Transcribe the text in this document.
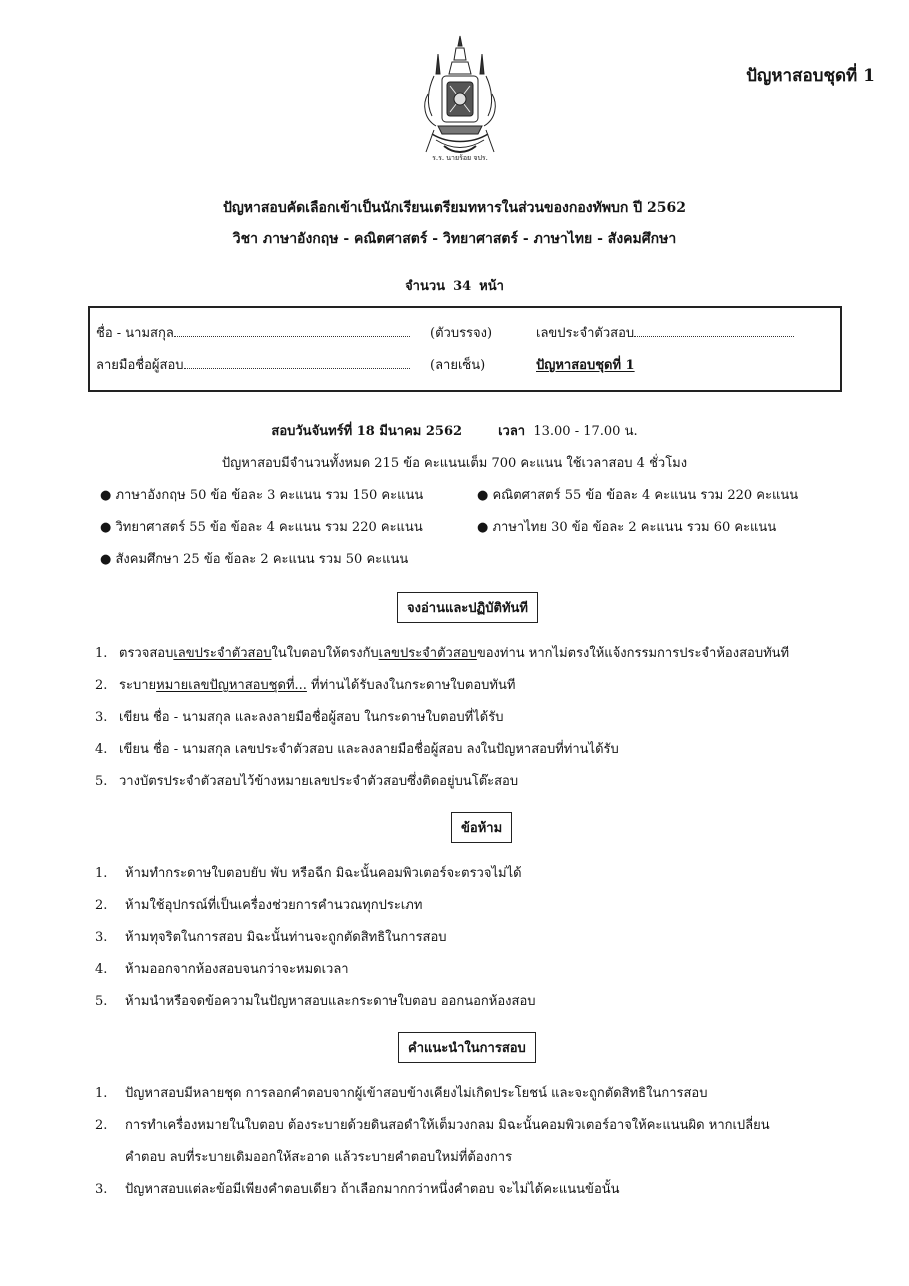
ปัญหาสอบชุดที่ 1
ร.ร. นายร้อย จปร.
ปัญหาสอบคัดเลือกเข้าเป็นนักเรียนเตรียมทหารในส่วนของกองทัพบก ปี 2562
วิชา ภาษาอังกฤษ - คณิตศาสตร์ - วิทยาศาสตร์ - ภาษาไทย - สังคมศึกษา
จำนวน 34 หน้า
ชื่อ - นามสกุล	(ตัวบรรจง)	เลขประจำตัวสอบ
ลายมือชื่อผู้สอบ	(ลายเซ็น)	ปัญหาสอบชุดที่ 1
สอบวันจันทร์ที่ 18 มีนาคม 2562	เวลา 13.00 - 17.00 น.
ปัญหาสอบมีจำนวนทั้งหมด 215 ข้อ คะแนนเต็ม 700 คะแนน ใช้เวลาสอบ 4 ชั่วโมง
● ภาษาอังกฤษ 50 ข้อ ข้อละ 3 คะแนน รวม 150 คะแนน	● คณิตศาสตร์ 55 ข้อ ข้อละ 4 คะแนน รวม 220 คะแนน
● วิทยาศาสตร์ 55 ข้อ ข้อละ 4 คะแนน รวม 220 คะแนน	● ภาษาไทย 30 ข้อ ข้อละ 2 คะแนน รวม 60 คะแนน
● สังคมศึกษา 25 ข้อ ข้อละ 2 คะแนน รวม 50 คะแนน
จงอ่านและปฏิบัติทันที
1. ตรวจสอบเลขประจำตัวสอบในใบตอบให้ตรงกับเลขประจำตัวสอบของท่าน หากไม่ตรงให้แจ้งกรรมการประจำห้องสอบทันที
2. ระบายหมายเลขปัญหาสอบชุดที่... ที่ท่านได้รับลงในกระดาษใบตอบทันที
3. เขียน ชื่อ - นามสกุล และลงลายมือชื่อผู้สอบ ในกระดาษใบตอบที่ได้รับ
4. เขียน ชื่อ - นามสกุล เลขประจำตัวสอบ และลงลายมือชื่อผู้สอบ ลงในปัญหาสอบที่ท่านได้รับ
5. วางบัตรประจำตัวสอบไว้ข้างหมายเลขประจำตัวสอบซึ่งติดอยู่บนโต๊ะสอบ
ข้อห้าม
1. ห้ามทำกระดาษใบตอบยับ พับ หรือฉีก มิฉะนั้นคอมพิวเตอร์จะตรวจไม่ได้
2. ห้ามใช้อุปกรณ์ที่เป็นเครื่องช่วยการคำนวณทุกประเภท
3. ห้ามทุจริตในการสอบ มิฉะนั้นท่านจะถูกตัดสิทธิในการสอบ
4. ห้ามออกจากห้องสอบจนกว่าจะหมดเวลา
5. ห้ามนำหรือจดข้อความในปัญหาสอบและกระดาษใบตอบ ออกนอกห้องสอบ
คำแนะนำในการสอบ
1. ปัญหาสอบมีหลายชุด การลอกคำตอบจากผู้เข้าสอบข้างเคียงไม่เกิดประโยชน์ และจะถูกตัดสิทธิในการสอบ
2. การทำเครื่องหมายในใบตอบ ต้องระบายด้วยดินสอดำให้เต็มวงกลม มิฉะนั้นคอมพิวเตอร์อาจให้คะแนนผิด หากเปลี่ยน
คำตอบ ลบที่ระบายเดิมออกให้สะอาด แล้วระบายคำตอบใหม่ที่ต้องการ
3. ปัญหาสอบแต่ละข้อมีเพียงคำตอบเดียว ถ้าเลือกมากกว่าหนึ่งคำตอบ จะไม่ได้คะแนนข้อนั้น
